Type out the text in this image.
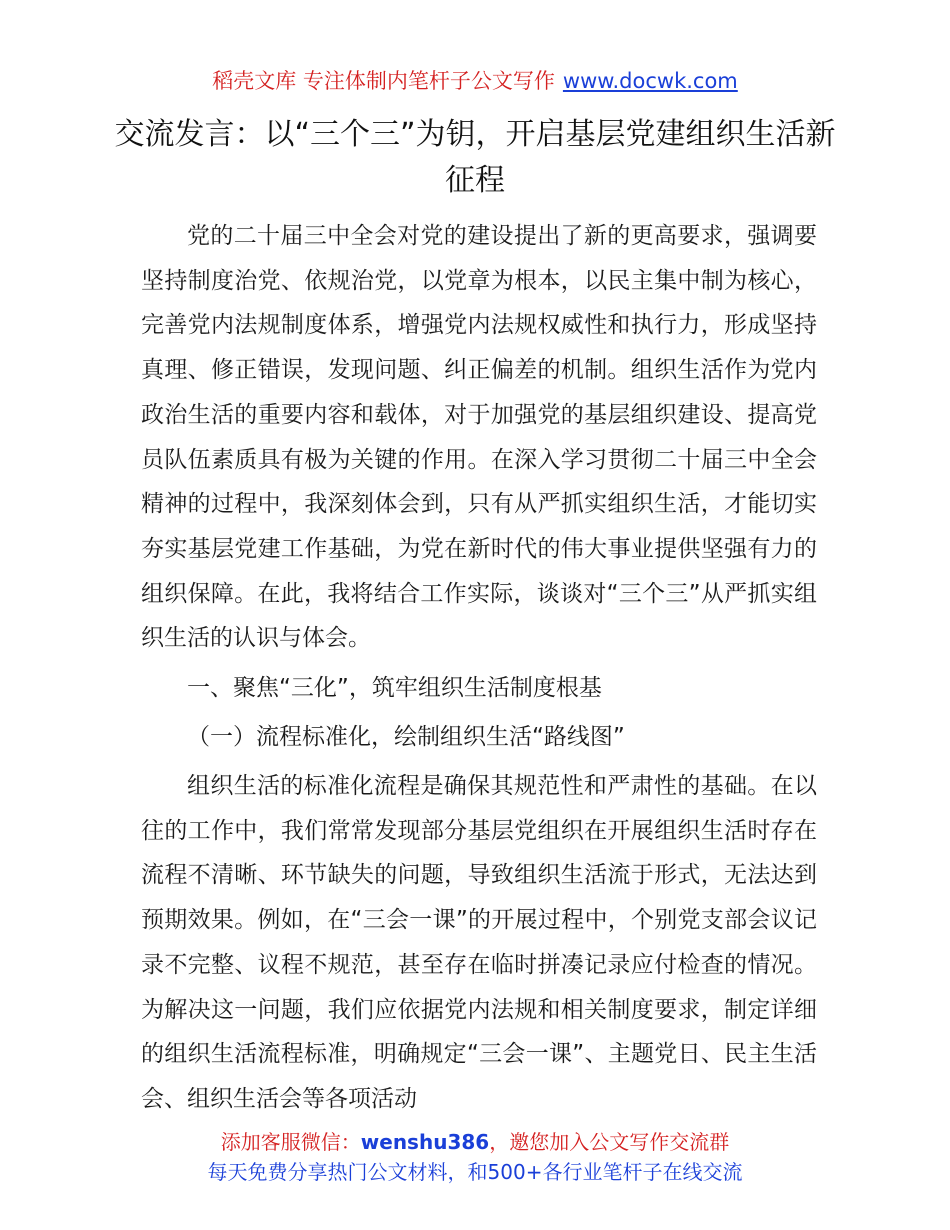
稻壳文库 专注体制内笔杆子公文写作 www.docwk.com
交流发言：以“三个三”为钥，开启基层党建组织生活新征程

党的二十届三中全会对党的建设提出了新的更高要求，强调要坚持制度治党、依规治党，以党章为根本，以民主集中制为核心，完善党内法规制度体系，增强党内法规权威性和执行力，形成坚持真理、修正错误，发现问题、纠正偏差的机制。组织生活作为党内政治生活的重要内容和载体，对于加强党的基层组织建设、提高党员队伍素质具有极为关键的作用。在深入学习贯彻二十届三中全会精神的过程中，我深刻体会到，只有从严抓实组织生活，才能切实夯实基层党建工作基础，为党在新时代的伟大事业提供坚强有力的组织保障。在此，我将结合工作实际，谈谈对“三个三”从严抓实组织生活的认识与体会。

一、聚焦“三化”，筑牢组织生活制度根基

（一）流程标准化，绘制组织生活“路线图”

组织生活的标准化流程是确保其规范性和严肃性的基础。在以往的工作中，我们常常发现部分基层党组织在开展组织生活时存在流程不清晰、环节缺失的问题，导致组织生活流于形式，无法达到预期效果。例如，在“三会一课”的开展过程中，个别党支部会议记录不完整、议程不规范，甚至存在临时拼凑记录应付检查的情况。为解决这一问题，我们应依据党内法规和相关制度要求，制定详细的组织生活流程标准，明确规定“三会一课”、主题党日、民主生活会、组织生活会等各项活动

添加客服微信：wenshu386，邀您加入公文写作交流群
每天免费分享热门公文材料，和500+各行业笔杆子在线交流
